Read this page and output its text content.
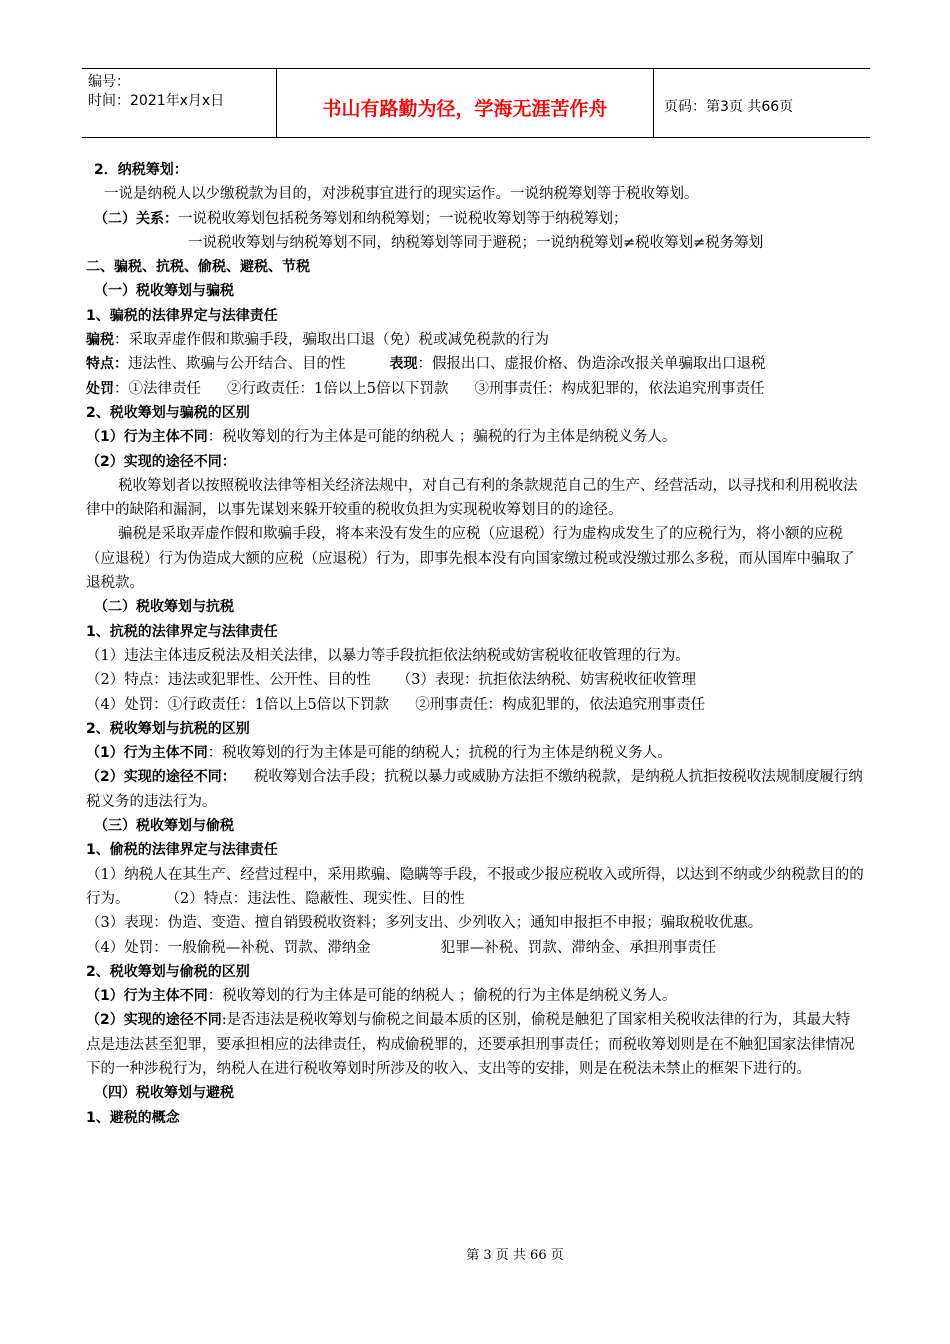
编号：
时间：2021年x月x日	书山有路勤为径，学海无涯苦作舟	页码：第3页 共66页
2．纳税筹划：
一说是纳税人以少缴税款为目的，对涉税事宜进行的现实运作。一说纳税筹划等于税收筹划。
（二）关系：一说税收筹划包括税务筹划和纳税筹划；一说税收筹划等于纳税筹划；
一说税收筹划与纳税筹划不同，纳税筹划等同于避税；一说纳税筹划≠税收筹划≠税务筹划
二、骗税、抗税、偷税、避税、节税
（一）税收筹划与骗税
1、骗税的法律界定与法律责任
骗税：采取弄虚作假和欺骗手段，骗取出口退（免）税或减免税款的行为
特点：违法性、欺骗与公开结合、目的性	表现：假报出口、虚报价格、伪造涂改报关单骗取出口退税
处罚：①法律责任 ②行政责任：1倍以上5倍以下罚款 ③刑事责任：构成犯罪的，依法追究刑事责任
2、税收筹划与骗税的区别
（1）行为主体不同：税收筹划的行为主体是可能的纳税人 ；骗税的行为主体是纳税义务人。
（2）实现的途径不同：
税收筹划者以按照税收法律等相关经济法规中，对自己有利的条款规范自己的生产、经营活动，以寻找和利用税收法律中的缺陷和漏洞，以事先谋划来躲开较重的税收负担为实现税收筹划目的的途径。
骗税是采取弄虚作假和欺骗手段，将本来没有发生的应税（应退税）行为虚构成发生了的应税行为，将小额的应税（应退税）行为伪造成大额的应税（应退税）行为，即事先根本没有向国家缴过税或没缴过那么多税，而从国库中骗取了退税款。
（二）税收筹划与抗税
1、抗税的法律界定与法律责任
（1）违法主体违反税法及相关法律，以暴力等手段抗拒依法纳税或妨害税收征收管理的行为。
（2）特点：违法或犯罪性、公开性、目的性 （3）表现：抗拒依法纳税、妨害税收征收管理
（4）处罚：①行政责任：1倍以上5倍以下罚款 ②刑事责任：构成犯罪的，依法追究刑事责任
2、税收筹划与抗税的区别
（1）行为主体不同：税收筹划的行为主体是可能的纳税人；抗税的行为主体是纳税义务人。
（2）实现的途径不同： 税收筹划合法手段；抗税以暴力或威胁方法拒不缴纳税款，是纳税人抗拒按税收法规制度履行纳税义务的违法行为。
（三）税收筹划与偷税
1、偷税的法律界定与法律责任
（1）纳税人在其生产、经营过程中，采用欺骗、隐瞒等手段，不报或少报应税收入或所得，以达到不纳或少纳税款目的的行为。 （2）特点：违法性、隐蔽性、现实性、目的性
（3）表现：伪造、变造、擅自销毁税收资料；多列支出、少列收入；通知申报拒不申报；骗取税收优惠。
（4）处罚：一般偷税—补税、罚款、滞纳金	犯罪—补税、罚款、滞纳金、承担刑事责任
2、税收筹划与偷税的区别
（1）行为主体不同：税收筹划的行为主体是可能的纳税人 ；偷税的行为主体是纳税义务人。
（2）实现的途径不同:是否违法是税收筹划与偷税之间最本质的区别，偷税是触犯了国家相关税收法律的行为，其最大特点是违法甚至犯罪，要承担相应的法律责任，构成偷税罪的，还要承担刑事责任；而税收筹划则是在不触犯国家法律情况下的一种涉税行为，纳税人在进行税收筹划时所涉及的收入、支出等的安排，则是在税法未禁止的框架下进行的。
（四）税收筹划与避税
1、避税的概念
第 3 页 共 66 页
